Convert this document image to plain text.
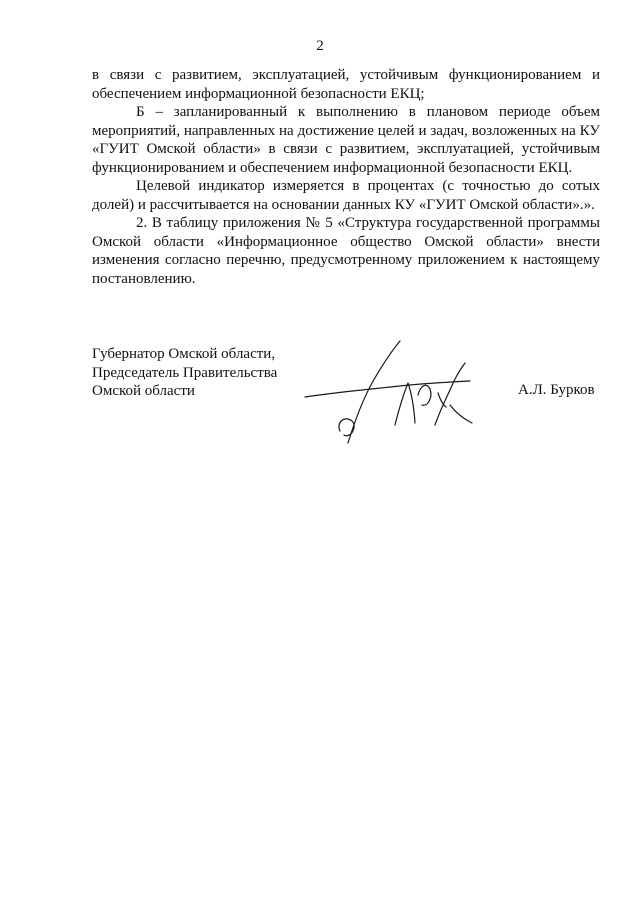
2

в связи с развитием, эксплуатацией, устойчивым функционированием и обеспечением информационной безопасности ЕКЦ;

Б – запланированный к выполнению в плановом периоде объем мероприятий, направленных на достижение целей и задач, возложенных на КУ «ГУИТ Омской области» в связи с развитием, эксплуатацией, устойчивым функционированием и обеспечением информационной безопасности ЕКЦ.

Целевой индикатор измеряется в процентах (с точностью до сотых долей) и рассчитывается на основании данных КУ «ГУИТ Омской области».».

2. В таблицу приложения № 5 «Структура государственной программы Омской области «Информационное общество Омской области» внести изменения согласно перечню, предусмотренному приложением к настоящему постановлению.

Губернатор Омской области,
Председатель Правительства
Омской области	А.Л. Бурков
